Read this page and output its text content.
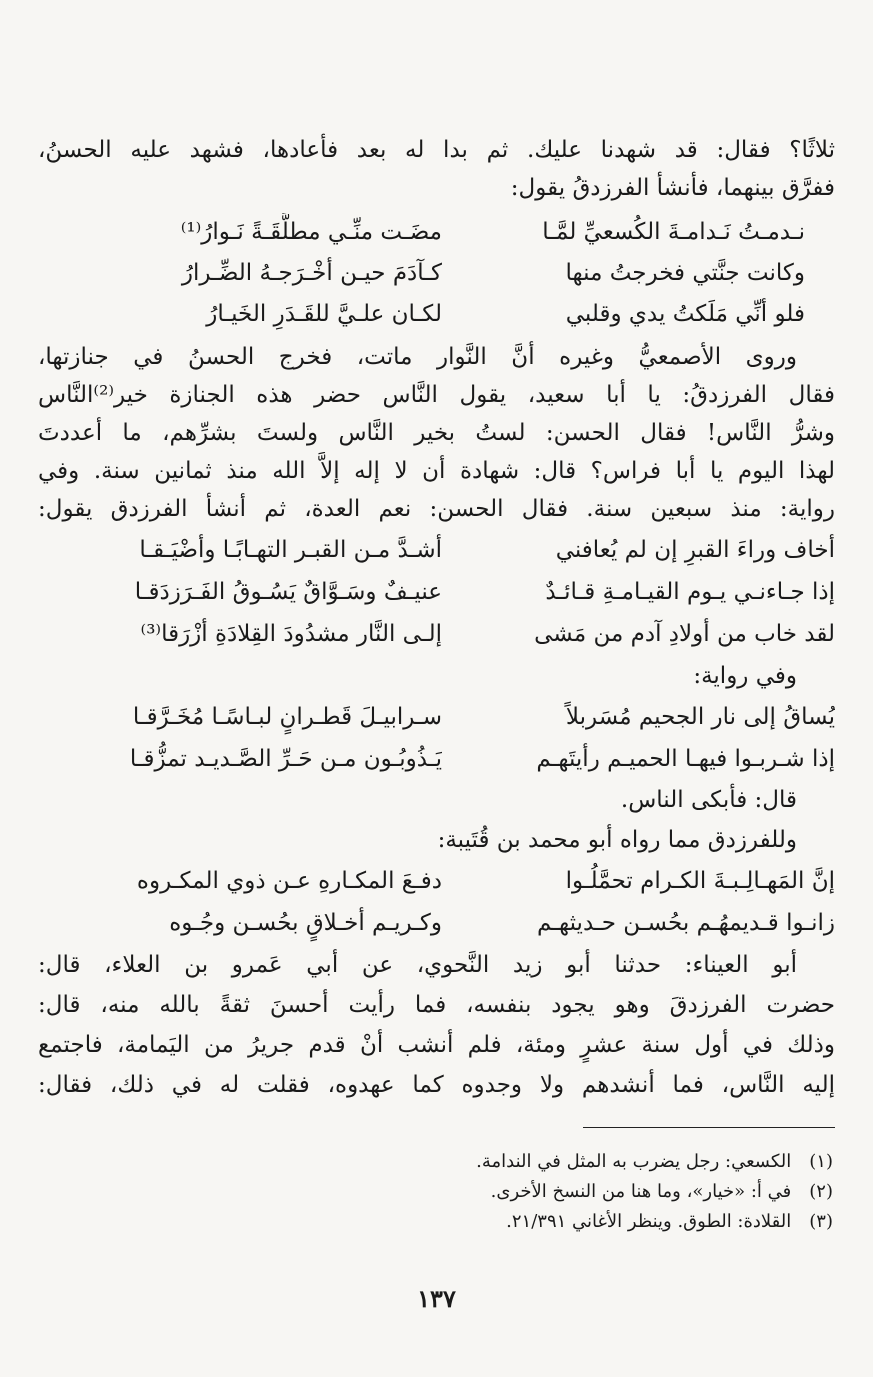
ثلاثًا؟ فقال: قد شهدنا عليك. ثم بدا له بعد فأعادها، فشهد عليه الحسنُ،
ففرَّق بينهما، فأنشأ الفرزدقُ يقول:
نـدمـتُ نَـدامـةَ الكُسعيِّ لمَّـا
مضَـت منِّـي مطلَّقَـةً نَـوارُ⁽¹⁾
وكانت جنَّتي فخرجتُ منها
كـآدَمَ حيـن أخْـرَجـهُ الضِّـرارُ
فلو أنِّي مَلَكتُ يدي وقلبي
لكـان علـيَّ للقَـدَرِ الخَيـارُ
وروى الأصمعيُّ وغيره أنَّ النَّوار ماتت، فخرج الحسنُ في جنازتها،
فقال الفرزدقُ: يا أبا سعيد، يقول النَّاس حضر هذه الجنازة خير⁽²⁾النَّاس
وشرُّ النَّاس! فقال الحسن: لستُ بخير النَّاس ولستَ بشرِّهم، ما أعددتَ
لهذا اليوم يا أبا فراس؟ قال: شهادة أن لا إله إلاَّ الله منذ ثمانين سنة. وفي
رواية: منذ سبعين سنة. فقال الحسن: نعم العدة، ثم أنشأ الفرزدق يقول:
أخاف وراءَ القبرِ إن لم يُعافني
أشـدَّ مـن القبـر التهـابًـا وأضْيَـقـا
إذا جـاءنـي يـوم القيـامـةِ قـائـدٌ
عنيـفٌ وسَـوَّاقٌ يَسُـوقُ الفَـرَزدَقـا
لقد خاب من أولادِ آدم من مَشى
إلـى النَّار مشدُودَ القِلادَةِ أزْرَقا⁽³⁾
وفي رواية:
يُساقُ إلى نار الجحيم مُسَربلاً
سـرابيـلَ قَطـرانٍ لبـاسًـا مُخَـرَّقـا
إذا شـربـوا فيهـا الحميـم رأيتَهـم
يَـذُوبُـون مـن حَـرِّ الصَّـديـد تمزُّقـا
قال: فأبكى الناس.
وللفرزدق مما رواه أبو محمد بن قُتَيبة:
إنَّ المَهـالِـبـةَ الكـرام تحمَّلُـوا
دفـعَ المكـارهِ عـن ذوي المكـروه
زانـوا قـديمهُـم بحُسـن حـديثهـم
وكـريـم أخـلاقٍ بحُسـن وجُـوه
أبو العيناء: حدثنا أبو زيد النَّحوي، عن أبي عَمرو بن العلاء، قال:
حضرت الفرزدقَ وهو يجود بنفسه، فما رأيت أحسنَ ثقةً بالله منه، قال:
وذلك في أول سنة عشرٍ ومئة، فلم أنشب أنْ قدم جريرُ من اليَمامة، فاجتمع
إليه النَّاس، فما أنشدهم ولا وجدوه كما عهدوه، فقلت له في ذلك، فقال:
(١) الكسعي: رجل يضرب به المثل في الندامة.
(٢) في أ: «خيار»، وما هنا من النسخ الأخرى.
(٣) القلادة: الطوق. وينظر الأغاني ٢١/٣٩١.
١٣٧
